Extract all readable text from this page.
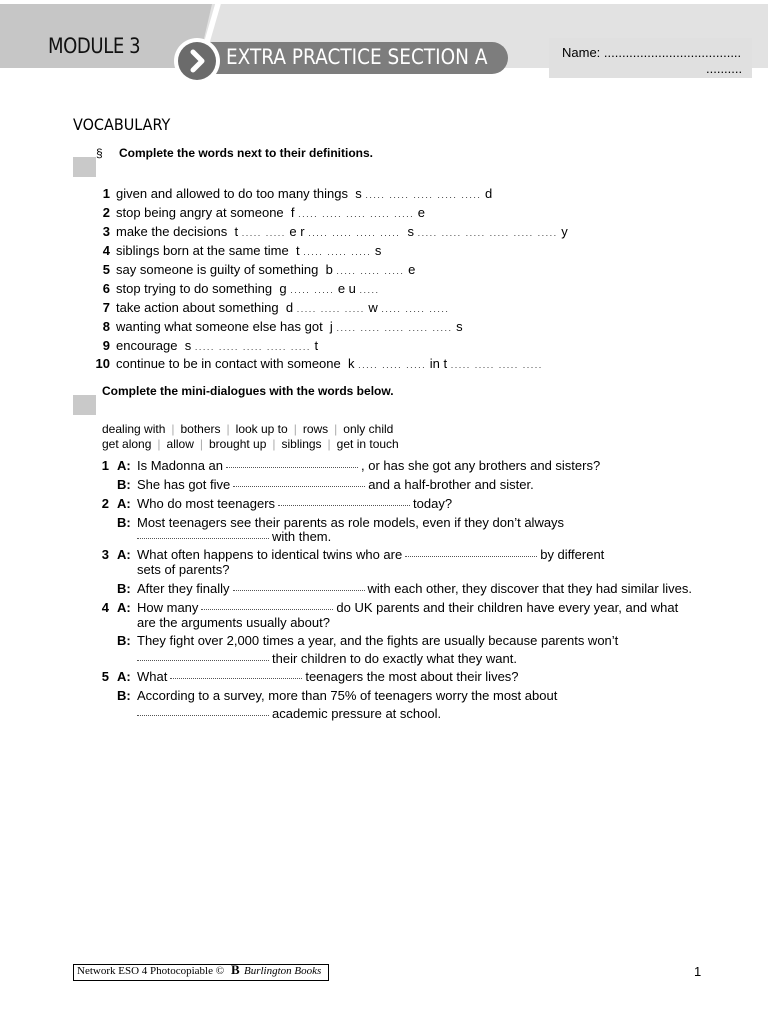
MODULE 3	EXTRA PRACTICE SECTION A	Name: ......................................
..........
VOCABULARY
§ Complete the words next to their definitions.
1 given and allowed to do too many things s ..... ..... ..... ..... ..... d
2 stop being angry at someone f ..... ..... ..... ..... ..... e
3 make the decisions t ..... ..... e r ..... ..... ..... ..... s ..... ..... ..... ..... ..... ..... y
4 siblings born at the same time t ..... ..... ..... s
5 say someone is guilty of something b ..... ..... ..... e
6 stop trying to do something g ..... ..... e u .....
7 take action about something d ..... ..... ..... w ..... ..... .....
8 wanting what someone else has got j ..... ..... ..... ..... ..... s
9 encourage s ..... ..... ..... ..... ..... t
10 continue to be in contact with someone k ..... ..... ..... in t ..... ..... ..... .....
Complete the mini-dialogues with the words below.
dealing with | bothers | look up to | rows | only child
get along | allow | brought up | siblings | get in touch
1 A: Is Madonna an	, or has she got any brothers and sisters?
B: She has got five	and a half-brother and sister.
2 A: Who do most teenagers	today?
B: Most teenagers see their parents as role models, even if they don’t always
with them.
3 A: What often happens to identical twins who are	by different
sets of parents?
B: After they finally	with each other, they discover that they had similar lives.
4 A: How many	do UK parents and their children have every year, and what
are the arguments usually about?
B: They fight over 2,000 times a year, and the fights are usually because parents won’t
their children to do exactly what they want.
5 A: What	teenagers the most about their lives?
B: According to a survey, more than 75% of teenagers worry the most about
academic pressure at school.
Network ESO 4 Photocopiable © B Burlington Books	1
